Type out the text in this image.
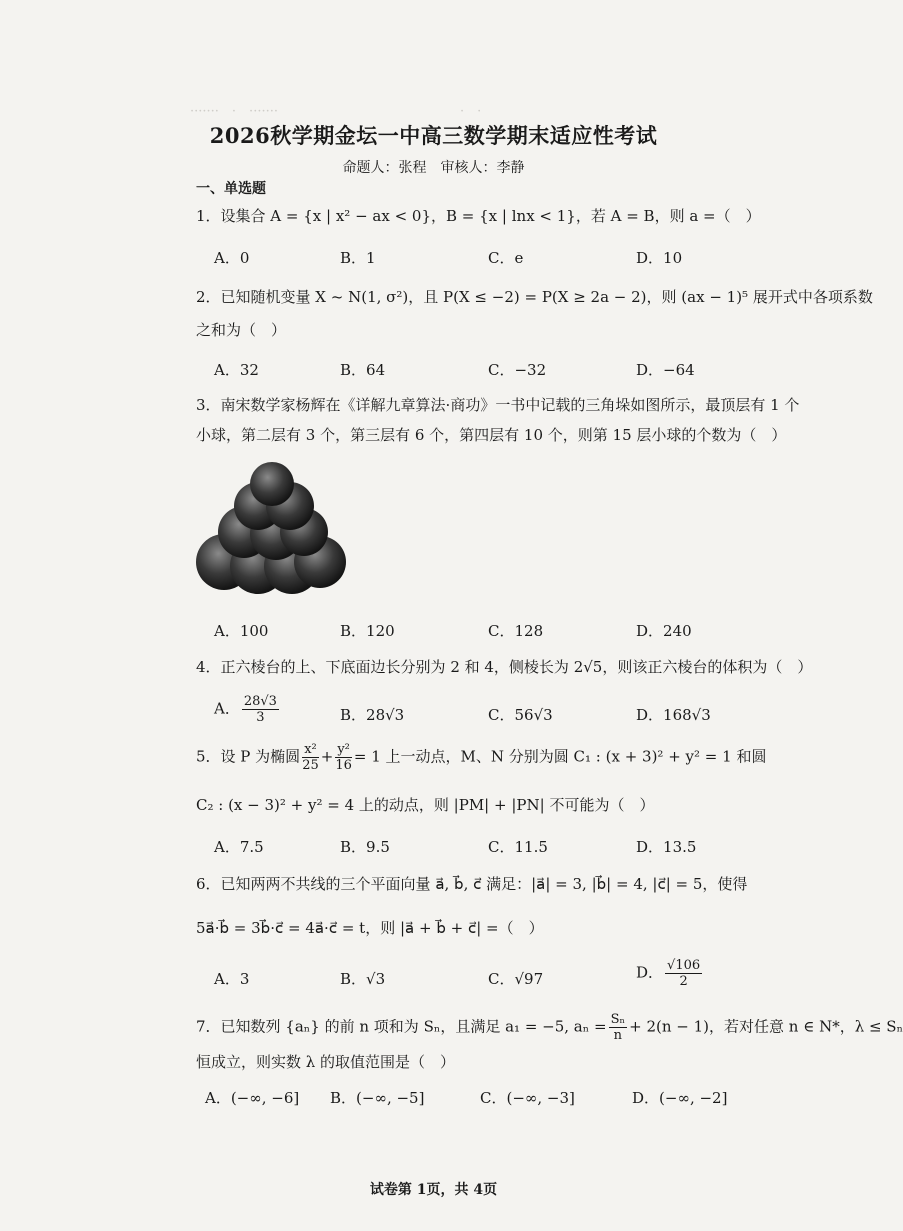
·······　·　·······　　　　　　　　　　　　　　·　·
2026秋学期金坛一中高三数学期末适应性考试
命题人：张程　审核人：李静
一、单选题
1．设集合 A = {x | x² − ax < 0}，B = {x | lnx < 1}，若 A = B，则 a =（　）
A．0	B．1	C．e	D．10
2．已知随机变量 X ~ N(1, σ²)，且 P(X ≤ −2) = P(X ≥ 2a − 2)，则 (ax − 1)⁵ 展开式中各项系数
之和为（　）
A．32	B．64	C．−32	D．−64
3．南宋数学家杨辉在《详解九章算法·商功》一书中记载的三角垛如图所示，最顶层有 1 个
小球，第二层有 3 个，第三层有 6 个，第四层有 10 个，则第 15 层小球的个数为（　）
A．100	B．120	C．128	D．240
4．正六棱台的上、下底面边长分别为 2 和 4，侧棱长为 2√5，则该正六棱台的体积为（　）
A． $\frac{28√3}{3}$	B．28√3	C．56√3	D．168√3
5．设 P 为椭圆 $\frac{\text{x²}}{25} + \frac{\text{y²}}{16} = 1$ 上一动点，M、N 分别为圆 C₁ : (x + 3)² + y² = 1 和圆
C₂ : (x − 3)² + y² = 4 上的动点，则 |PM| + |PN| 不可能为（　）
A．7.5	B．9.5	C．11.5	D．13.5
6．已知两两不共线的三个平面向量 a⃗, b⃗, c⃗ 满足：|a⃗| = 3, |b⃗| = 4, |c⃗| = 5，使得
5a⃗·b⃗ = 3b⃗·c⃗ = 4a⃗·c⃗ = t，则 |a⃗ + b⃗ + c⃗| =（　）
A．3	B．√3	C．√97	D． $\frac{√106}{2}$
7．已知数列 {aₙ} 的前 n 项和为 Sₙ，且满足 a₁ = −5, $a_n = \frac{\text{Sₙ}}{n} + 2(n - 1)$，若对任意 n ∈ N*，λ ≤ Sₙ
恒成立，则实数 λ 的取值范围是（　）
A．(−∞, −6] B．(−∞, −5]	C．(−∞, −3]	D．(−∞, −2]
试卷第 1页，共 4页
